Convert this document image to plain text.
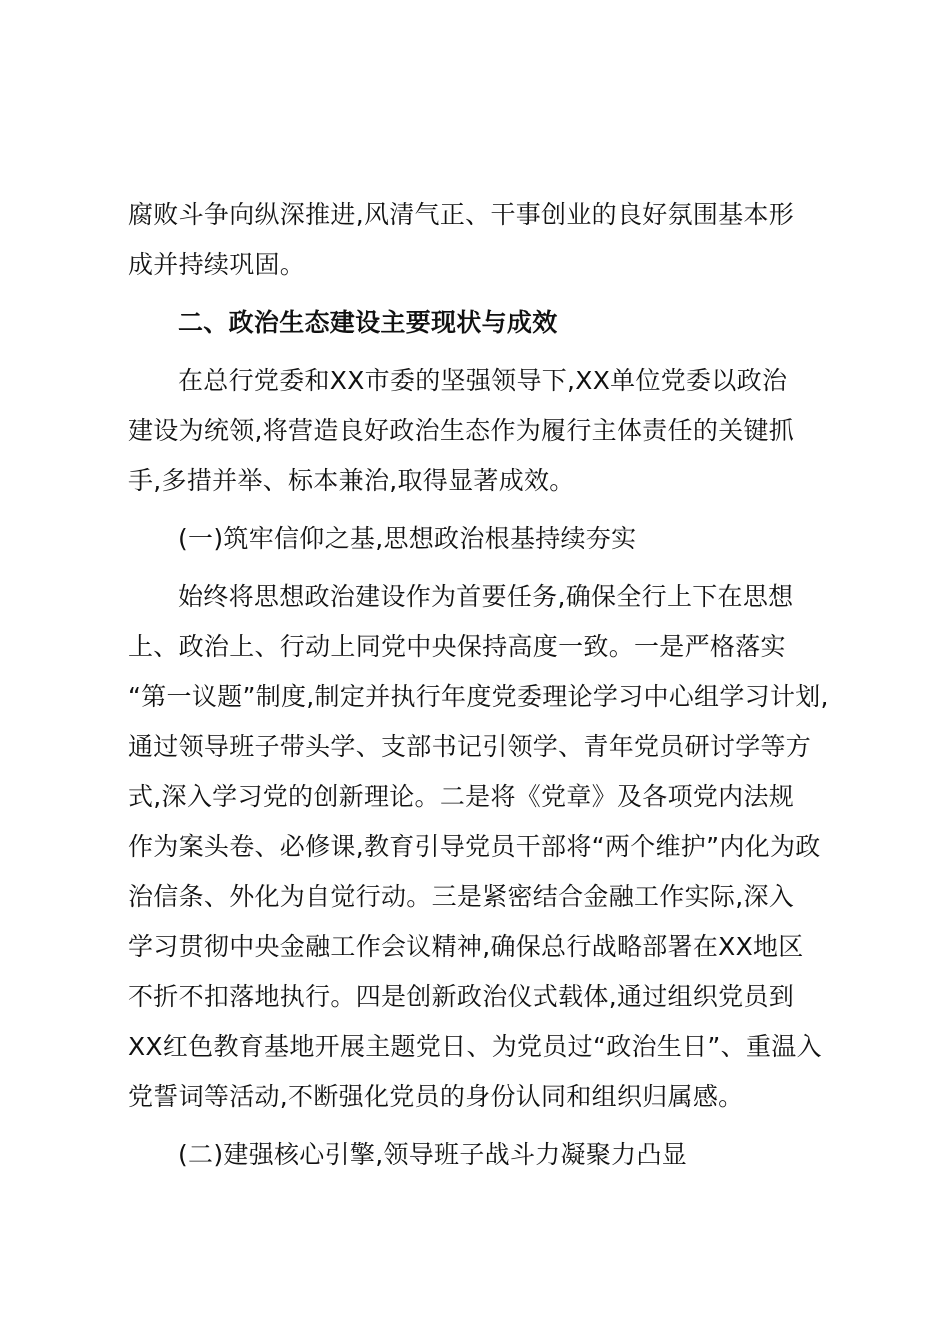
腐败斗争向纵深推进,风清气正、干事创业的良好氛围基本形
成并持续巩固。
二、政治生态建设主要现状与成效
在总行党委和XX市委的坚强领导下,XX单位党委以政治
建设为统领,将营造良好政治生态作为履行主体责任的关键抓
手,多措并举、标本兼治,取得显著成效。
(一)筑牢信仰之基,思想政治根基持续夯实
始终将思想政治建设作为首要任务,确保全行上下在思想
上、政治上、行动上同党中央保持高度一致。一是严格落实
“第一议题”制度,制定并执行年度党委理论学习中心组学习计划,
通过领导班子带头学、支部书记引领学、青年党员研讨学等方
式,深入学习党的创新理论。二是将《党章》及各项党内法规
作为案头卷、必修课,教育引导党员干部将“两个维护”内化为政
治信条、外化为自觉行动。三是紧密结合金融工作实际,深入
学习贯彻中央金融工作会议精神,确保总行战略部署在XX地区
不折不扣落地执行。四是创新政治仪式载体,通过组织党员到
XX红色教育基地开展主题党日、为党员过“政治生日”、重温入
党誓词等活动,不断强化党员的身份认同和组织归属感。
(二)建强核心引擎,领导班子战斗力凝聚力凸显
